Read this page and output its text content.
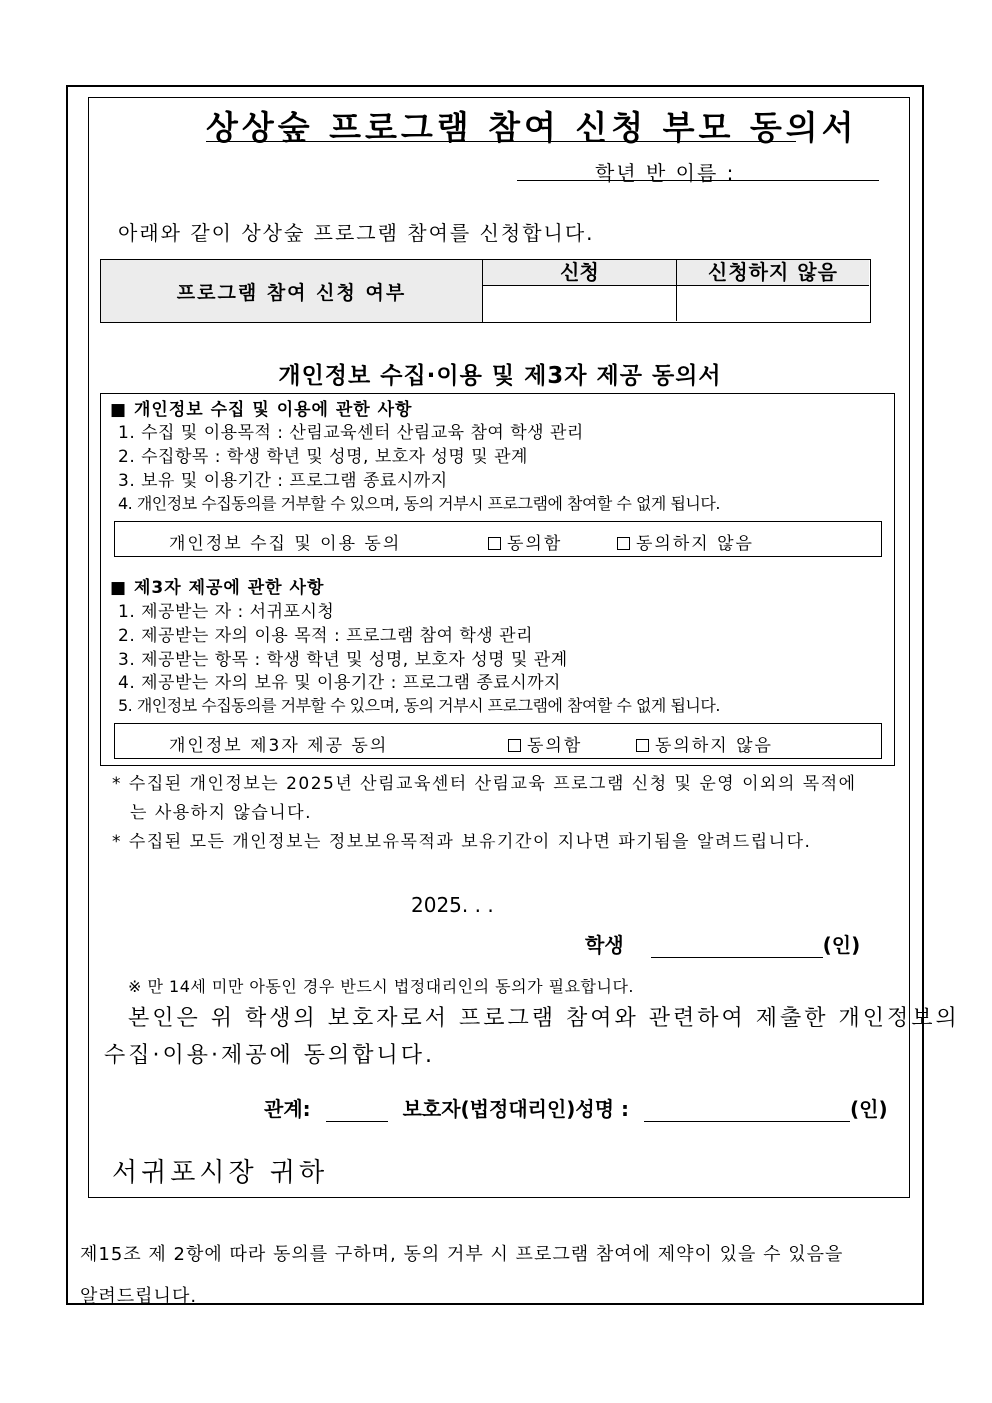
상상숲 프로그램 참여 신청 부모 동의서
학년 반 이름 :
아래와 같이 상상숲 프로그램 참여를 신청합니다.
프로그램 참여 신청 여부
신청	신청하지 않음
개인정보 수집·이용 및 제3자 제공 동의서
■ 개인정보 수집 및 이용에 관한 사항
1. 수집 및 이용목적 : 산림교육센터 산림교육 참여 학생 관리
2. 수집항목 : 학생 학년 및 성명, 보호자 성명 및 관계
3. 보유 및 이용기간 : 프로그램 종료시까지
4. 개인정보 수집동의를 거부할 수 있으며, 동의 거부시 프로그램에 참여할 수 없게 됩니다.
개인정보 수집 및 이용 동의	동의함	동의하지 않음
■ 제3자 제공에 관한 사항
1. 제공받는 자 : 서귀포시청
2. 제공받는 자의 이용 목적 : 프로그램 참여 학생 관리
3. 제공받는 항목 : 학생 학년 및 성명, 보호자 성명 및 관계
4. 제공받는 자의 보유 및 이용기간 : 프로그램 종료시까지
5. 개인정보 수집동의를 거부할 수 있으며, 동의 거부시 프로그램에 참여할 수 없게 됩니다.
개인정보 제3자 제공 동의	동의함	동의하지 않음
* 수집된 개인정보는 2025년 산림교육센터 산림교육 프로그램 신청 및 운영 이외의 목적에
는 사용하지 않습니다.
* 수집된 모든 개인정보는 정보보유목적과 보유기간이 지나면 파기됨을 알려드립니다.
2025. . .
학생	(인)
※ 만 14세 미만 아동인 경우 반드시 법정대리인의 동의가 필요합니다.
본인은 위 학생의 보호자로서 프로그램 참여와 관련하여 제출한 개인정보의
수집·이용·제공에 동의합니다.
관계:	보호자(법정대리인)성명 :	(인)
서귀포시장 귀하
제15조 제 2항에 따라 동의를 구하며, 동의 거부 시 프로그램 참여에 제약이 있을 수 있음을
알려드립니다.
